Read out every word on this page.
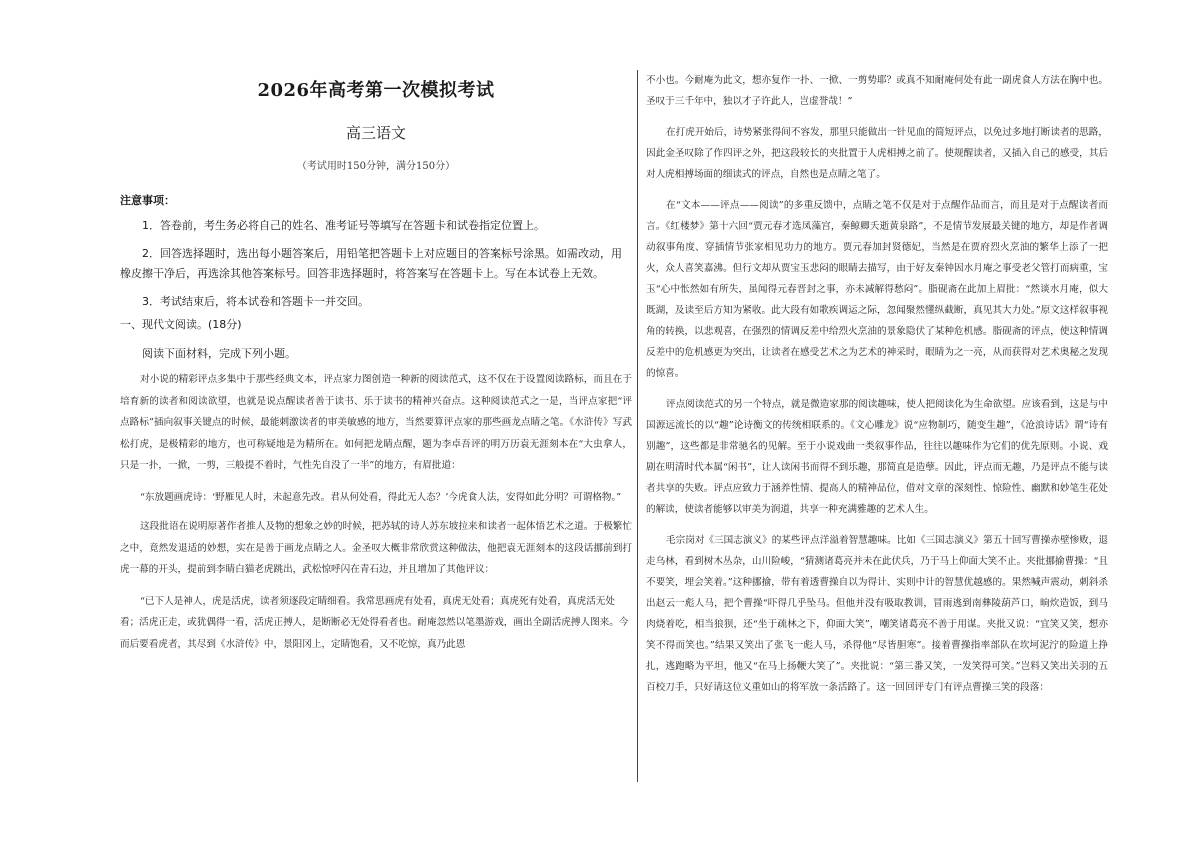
2026年高考第一次模拟考试
高三语文
（考试用时150分钟，满分150分）
注意事项：
1．答卷前，考生务必将自己的姓名、准考证号等填写在答题卡和试卷指定位置上。
2．回答选择题时，选出每小题答案后，用铅笔把答题卡上对应题目的答案标号涂黑。如需改动，用橡皮擦干净后，再选涂其他答案标号。回答非选择题时，将答案写在答题卡上。写在本试卷上无效。
3．考试结束后，将本试卷和答题卡一并交回。
一、现代文阅读。(18分)
阅读下面材料，完成下列小题。

对小说的精彩评点多集中于那些经典文本，评点家力图创造一种新的阅读范式，这不仅在于设置阅读路标，而且在于培育新的读者和阅读欲望，也就是说点醒读者善于读书、乐于读书的精神兴奋点。这种阅读范式之一是，当评点家把“评点路标”插向叙事关键点的时候，最能刺激读者的审美敏感的地方，当然要算评点家的那些画龙点睛之笔。《水浒传》写武松打虎，是极精彩的地方，也可称疑地是为精所在。如何把龙睛点醒，题为李卓吾评的明万历袁无涯刻本在“大虫拿人，只是一扑，一掀，一剪，三般提不着时，气性先自没了一半”的地方，有眉批道：

“东放题画虎诗：‘野雁见人时，未起意先改。君从何处看，得此无人态？’今虎食人法，安得如此分明？可谓格物。”

这段批语在说明原著作者推人及物的想象之妙的时候，把苏轼的诗人苏东坡拉来和读者一起体悟艺术之道。于极繁忙之中，竟然发退适的妙想，实在是善于画龙点睛之人。金圣叹大概非常欣赏这种做法，他把袁无涯刻本的这段话挪前到打虎一幕的开头，提前到李睛白猫老虎跳出，武松惊呼闪在青石边，并且增加了其他评议：

“已下人是神人，虎是活虎，读者须逐段定睛细看。我常思画虎有处看，真虎无处看；真虎死有处看，真虎活无处看；活虎正走，或犹偶得一看，活虎正搏人，是断断必无处得看者也。耐庵忽然以笔墨游戏，画出全副活虎搏人图来。今而后要看虎者，其尽到《水浒传》中，景阳冈上，定睛饱看，又不吃惊，真乃此恩

不小也。今耐庵为此文，想亦复作一扑、一掀、一剪势耶？或真不知耐庵何处有此一副虎食人方法在胸中也。圣叹于三千年中，独以才子许此人，岂虚誉哉！”

在打虎开始后，诗势紧张得间不容发，那里只能做出一针见血的简短评点，以免过多地打断读者的思路，因此金圣叹除了作四评之外，把这段较长的夹批置于人虎相搏之前了。使规醒读者，又插入自己的感受，其后对人虎相搏场面的细读式的评点，自然也是点睛之笔了。

在“文本——评点——阅读”的多重反馈中，点睛之笔不仅是对于点醒作品而言，而且是对于点醒读者而言。《红楼梦》第十六回“贾元春才选凤藻宫，秦鲸卿夭逝黄泉路”，不是情节发展最关键的地方，却是作者调动叙事角度、穿插情节张家相见功力的地方。贾元春加封贤德妃，当然是在贾府烈火烹油的繁华上添了一把火，众人喜笑嘉沸。但行文却从贾宝玉悲闷的眼睛去描写，由于好友秦钟因水月庵之事受老父管打而病重，宝玉“心中怅然如有所失，虽闻得元春晋封之事，亦未减解得愁闷”。脂砚斋在此加上眉批：“然谈水月庵，似大既湖，及读至后方知为紧收。此大段有如歌疾调运之际，忽闻聚然懂纵截断，真见其大力处。”原文这样叙事视角的转换，以悲观喜，在强烈的情调反差中给烈火烹油的景象隐伏了某种危机感。脂砚斋的评点，使这种情调反差中的危机感更为突出，让读者在感受艺术之为艺术的神采时，眼睛为之一亮，从而获得对艺术奥秘之发现的惊喜。

评点阅读范式的另一个特点，就是微造家那的阅读趣味，使人把阅读化为生命欲望。应该看到，这是与中国源远流长的以“趣”论诗衡文的传统相联系的。《文心雕龙》说“应物制巧，随变生趣”，《沧浪诗话》谓“诗有别趣”，这些都是非常驰名的见解。至于小说戏曲一类叙事作品，往往以趣味作为它们的优先原则。小说、戏剧在明清时代本属“闲书”，让人读闲书而得不到乐趣，那简直是造孽。因此，评点而无趣，乃是评点不能与读者共享的失败。评点应致力于涵养性情、提高人的精神品位，借对文章的深刻性、惊险性、幽默和妙笔生花处的解读，使读者能够以审美为润道，共享一种充满雅趣的艺术人生。

毛宗岗对《三国志演义》的某些评点洋溢着智慧趣味。比如《三国志演义》第五十回写曹操赤壁惨败，退走乌林，看到树木丛杂，山川险峻，“猜测诸葛亮并未在此伏兵，乃于马上仰面大笑不止。夹批挪揄曹操：“且不要笑，埋会笑着。”这种挪揄，带有着透曹操自以为得计、实则中计的智慧优越感的。果然喊声震动，刺斜杀出赵云一彪人马，把个曹操“吓得几乎坠马。但他并没有吸取教训，冒雨逃到南彝陵葫芦口，晌炊造饭，到马肉烧着吃，相当狼狈，还“坐于疏林之下，仰面大笑”，嘲笑诸葛亮不善于用谋。夹批又说：“宜笑又笑，想亦笑不得而笑也。”结果又笑出了张飞一彪人马，杀得他“尽皆胆寒”。接着曹操指率部队在坎坷泥泞的险道上挣扎，逃跑略为平坦，他又“在马上扬鞭大笑了”。夹批说：“第三番又笑，一发笑得可笑。”岂料又笑出关羽的五百校刀手，只好请这位义重如山的将军放一条活路了。这一回回评专门有评点曹操三笑的段落：
